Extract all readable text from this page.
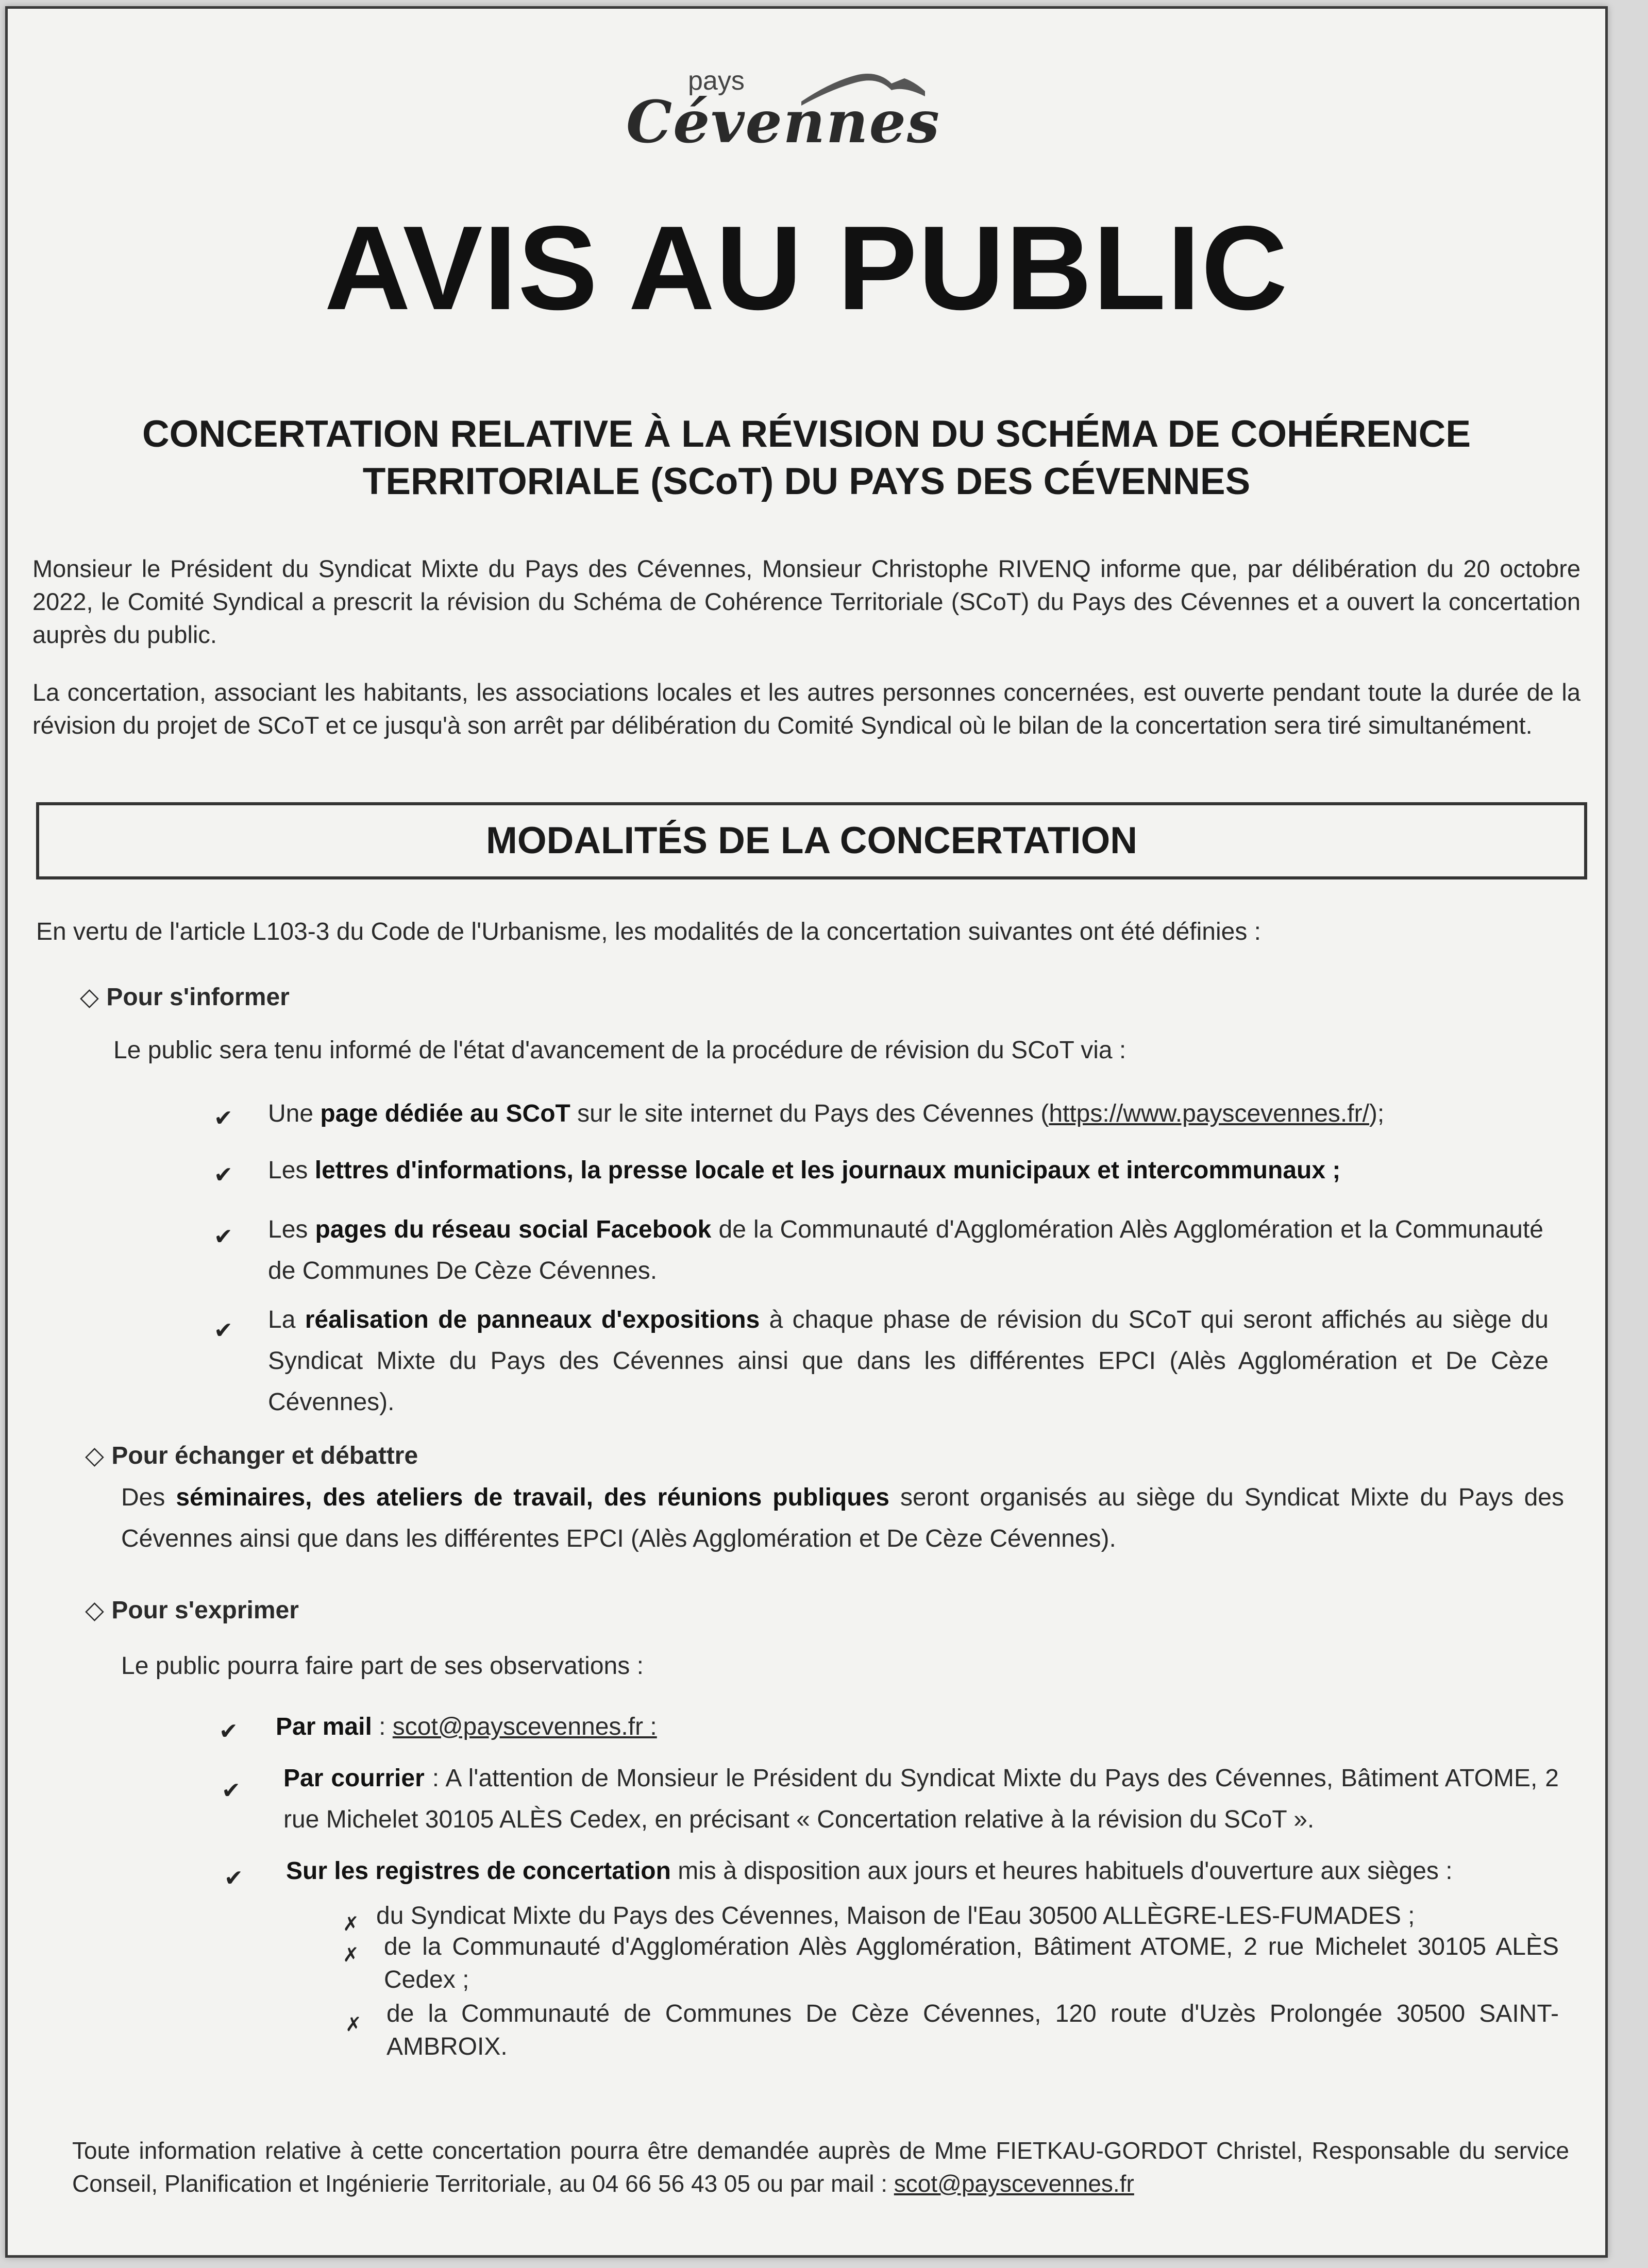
pays
Cévennes
AVIS AU PUBLIC
CONCERTATION RELATIVE À LA RÉVISION DU SCHÉMA DE COHÉRENCE
TERRITORIALE (SCoT) DU PAYS DES CÉVENNES

Monsieur le Président du Syndicat Mixte du Pays des Cévennes, Monsieur Christophe RIVENQ informe que, par délibération du 20 octobre 2022, le Comité Syndical a prescrit la révision du Schéma de Cohérence Territoriale (SCoT) du Pays des Cévennes et a ouvert la concertation auprès du public.

La concertation, associant les habitants, les associations locales et les autres personnes concernées, est ouverte pendant toute la durée de la révision du projet de SCoT et ce jusqu'à son arrêt par délibération du Comité Syndical où le bilan de la concertation sera tiré simultanément.

MODALITÉS DE LA CONCERTATION

En vertu de l'article L103-3 du Code de l'Urbanisme, les modalités de la concertation suivantes ont été définies :

◇ Pour s'informer

Le public sera tenu informé de l'état d'avancement de la procédure de révision du SCoT via :

✔ Une page dédiée au SCoT sur le site internet du Pays des Cévennes (https://www.payscevennes.fr/);

✔ Les lettres d'informations, la presse locale et les journaux municipaux et intercommunaux ;

✔ Les pages du réseau social Facebook de la Communauté d'Agglomération Alès Agglomération et la Communauté de Communes De Cèze Cévennes.

✔ La réalisation de panneaux d'expositions à chaque phase de révision du SCoT qui seront affichés au siège du Syndicat Mixte du Pays des Cévennes ainsi que dans les différentes EPCI (Alès Agglomération et De Cèze Cévennes).

◇ Pour échanger et débattre

Des séminaires, des ateliers de travail, des réunions publiques seront organisés au siège du Syndicat Mixte du Pays des Cévennes ainsi que dans les différentes EPCI (Alès Agglomération et De Cèze Cévennes).

◇ Pour s'exprimer

Le public pourra faire part de ses observations :

✔ Par mail : scot@payscevennes.fr :

✔ Par courrier : A l'attention de Monsieur le Président du Syndicat Mixte du Pays des Cévennes, Bâtiment ATOME, 2 rue Michelet 30105 ALÈS Cedex, en précisant « Concertation relative à la révision du SCoT ».

✔ Sur les registres de concertation mis à disposition aux jours et heures habituels d'ouverture aux sièges :

✗ du Syndicat Mixte du Pays des Cévennes, Maison de l'Eau 30500 ALLÈGRE-LES-FUMADES ;

✗ de la Communauté d'Agglomération Alès Agglomération, Bâtiment ATOME, 2 rue Michelet 30105 ALÈS Cedex ;

✗ de la Communauté de Communes De Cèze Cévennes, 120 route d'Uzès Prolongée 30500 SAINT-AMBROIX.

Toute information relative à cette concertation pourra être demandée auprès de Mme FIETKAU-GORDOT Christel, Responsable du service Conseil, Planification et Ingénierie Territoriale, au 04 66 56 43 05 ou par mail : scot@payscevennes.fr
